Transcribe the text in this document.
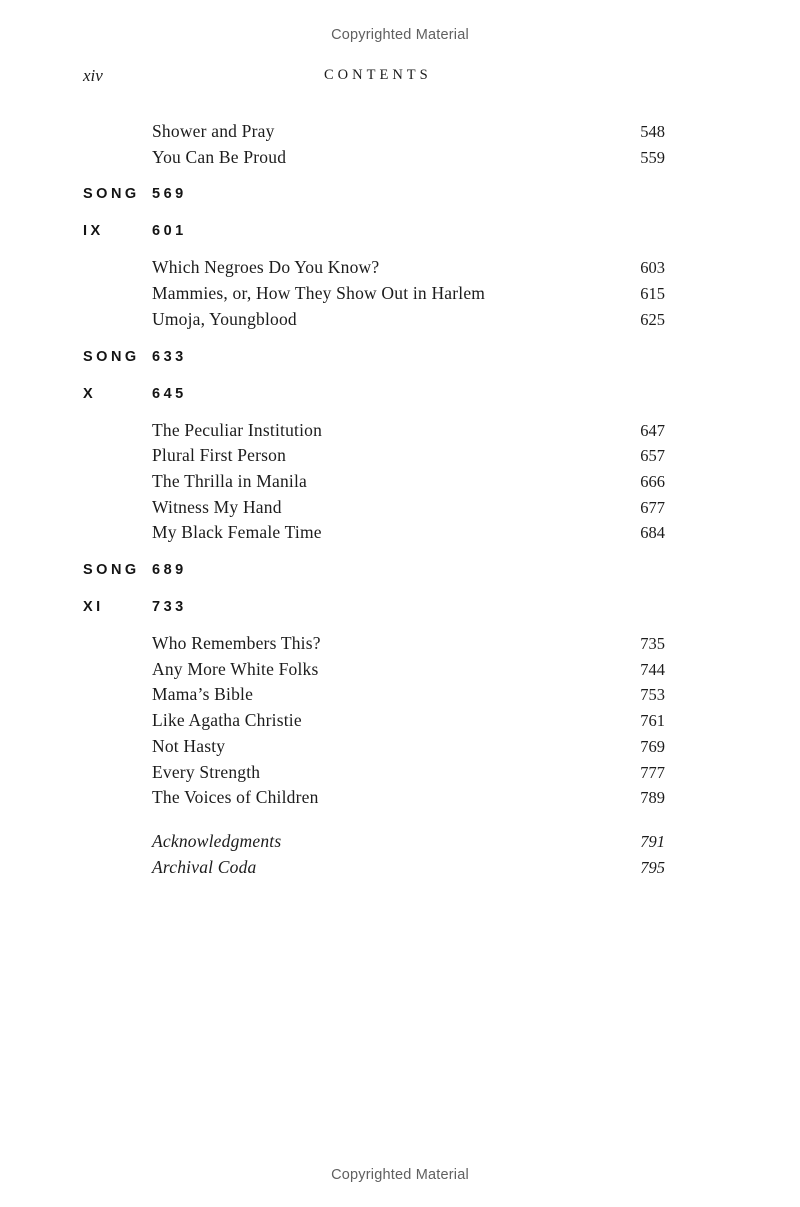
Copyrighted Material
xiv	CONTENTS
Shower and Pray	548
You Can Be Proud	559
SONG 569
IX	601
Which Negroes Do You Know?	603
Mammies, or, How They Show Out in Harlem	615
Umoja, Youngblood	625
SONG 633
X	645
The Peculiar Institution	647
Plural First Person	657
The Thrilla in Manila	666
Witness My Hand	677
My Black Female Time	684
SONG 689
XI	733
Who Remembers This?	735
Any More White Folks	744
Mama’s Bible	753
Like Agatha Christie	761
Not Hasty	769
Every Strength	777
The Voices of Children	789
Acknowledgments	791
Archival Coda	795
Copyrighted Material
